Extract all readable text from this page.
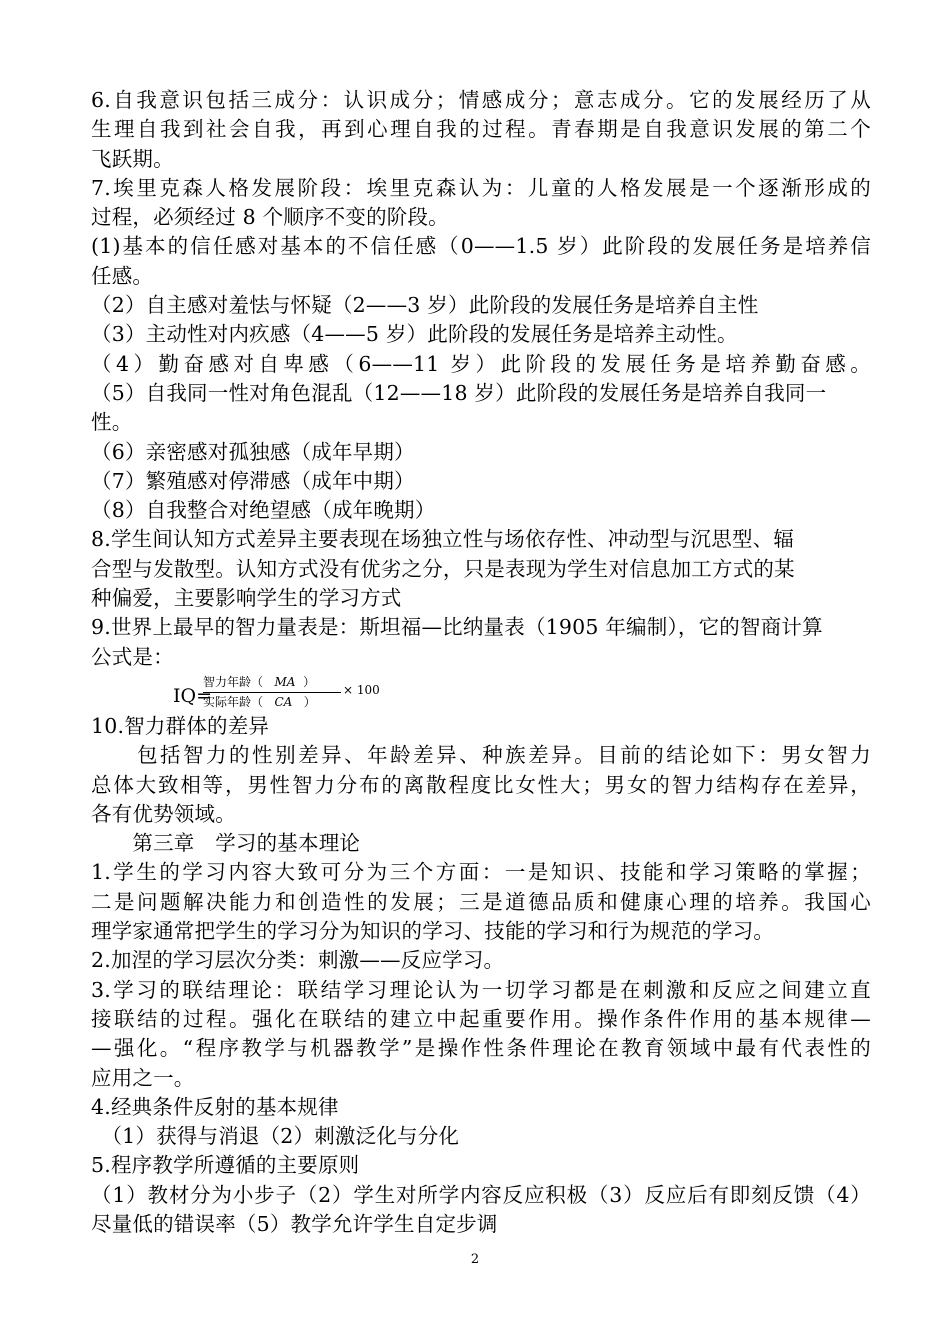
6.自我意识包括三成分：认识成分；情感成分；意志成分。它的发展经历了从
生理自我到社会自我，再到心理自我的过程。青春期是自我意识发展的第二个
飞跃期。
7.埃里克森人格发展阶段：埃里克森认为：儿童的人格发展是一个逐渐形成的
过程，必须经过 8 个顺序不变的阶段。
(1)基本的信任感对基本的不信任感（0——1.5 岁）此阶段的发展任务是培养信
任感。
（2）自主感对羞怯与怀疑（2——3 岁）此阶段的发展任务是培养自主性
（3）主动性对内疚感（4——5 岁）此阶段的发展任务是培养主动性。
（4）勤奋感对自卑感（6——11 岁）此阶段的发展任务是培养勤奋感。
（5）自我同一性对角色混乱（12——18 岁）此阶段的发展任务是培养自我同一
性。
（6）亲密感对孤独感（成年早期）
（7）繁殖感对停滞感（成年中期）
（8）自我整合对绝望感（成年晚期）
8.学生间认知方式差异主要表现在场独立性与场依存性、冲动型与沉思型、辐
合型与发散型。认知方式没有优劣之分，只是表现为学生对信息加工方式的某
种偏爱，主要影响学生的学习方式
9.世界上最早的智力量表是：斯坦福—比纳量表（1905 年编制），它的智商计算
公式是：
IQ=
智力年龄（ MA ）
实际年龄（ CA ）
× 100
10.智力群体的差异
　　包括智力的性别差异、年龄差异、种族差异。目前的结论如下：男女智力
总体大致相等，男性智力分布的离散程度比女性大；男女的智力结构存在差异，
各有优势领域。
　　第三章　学习的基本理论
1.学生的学习内容大致可分为三个方面：一是知识、技能和学习策略的掌握；
二是问题解决能力和创造性的发展；三是道德品质和健康心理的培养。我国心
理学家通常把学生的学习分为知识的学习、技能的学习和行为规范的学习。
2.加涅的学习层次分类：刺激——反应学习。
3.学习的联结理论：联结学习理论认为一切学习都是在刺激和反应之间建立直
接联结的过程。强化在联结的建立中起重要作用。操作条件作用的基本规律—
—强化。“程序教学与机器教学”是操作性条件理论在教育领域中最有代表性的
应用之一。
4.经典条件反射的基本规律
　（1）获得与消退（2）刺激泛化与分化
5.程序教学所遵循的主要原则
（1）教材分为小步子（2）学生对所学内容反应积极（3）反应后有即刻反馈（4）
尽量低的错误率（5）教学允许学生自定步调
2
